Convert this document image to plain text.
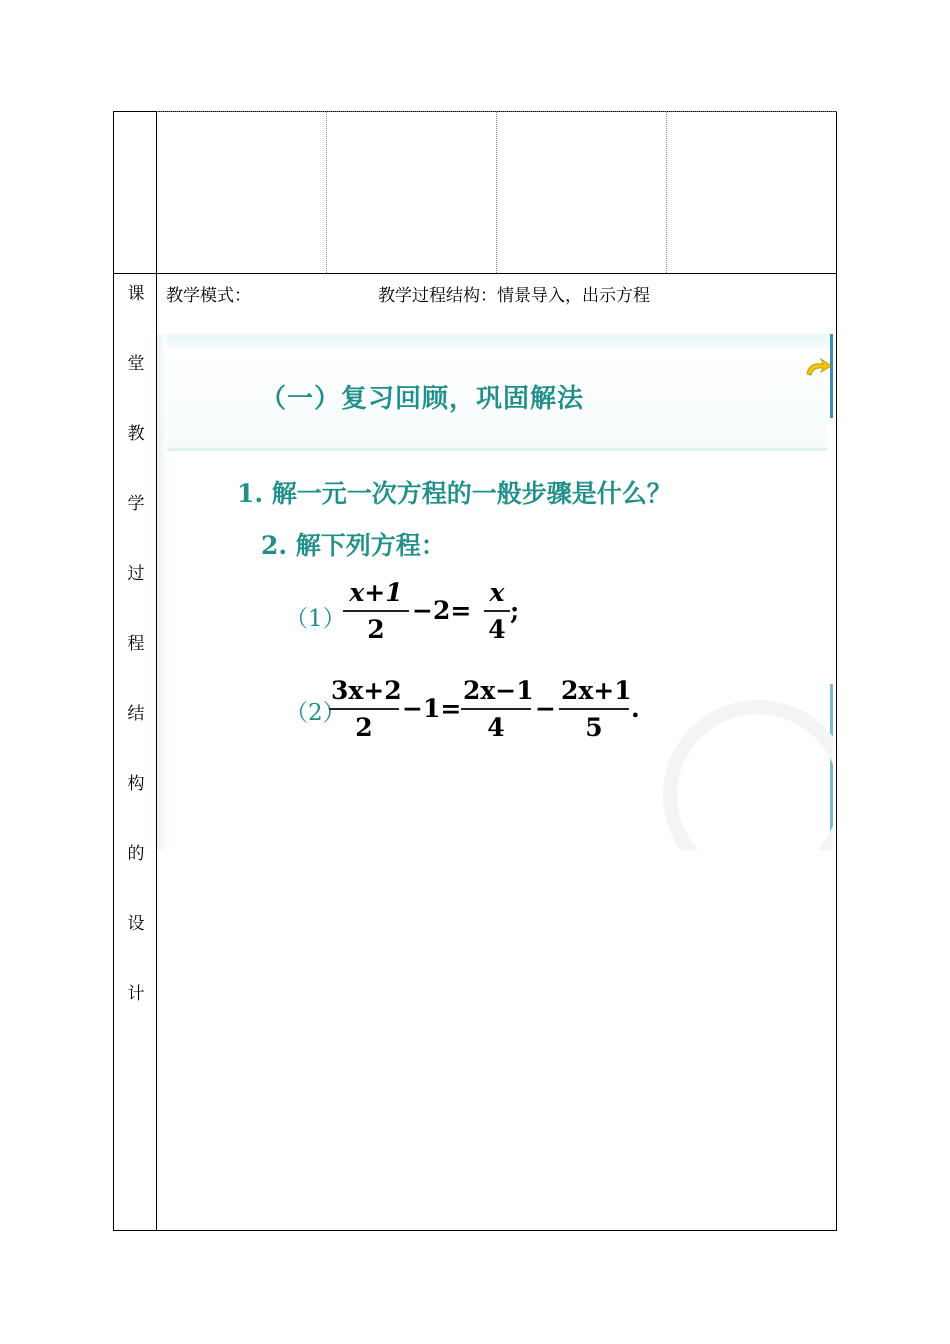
课
堂
教
学
过
程
结
构
的
设
计
教学模式：	教学过程结构：情景导入，出示方程
（一）复习回顾，巩固解法
1. 解一元一次方程的一般步骤是什么？
2. 解下列方程：
（1）
$\frac{x+1}{2} -2= \frac{x}{4}$ ;
（2）
$\frac{3x+2}{2} -1= \frac{2x-1}{4} - \frac{2x+1}{5}$ .
